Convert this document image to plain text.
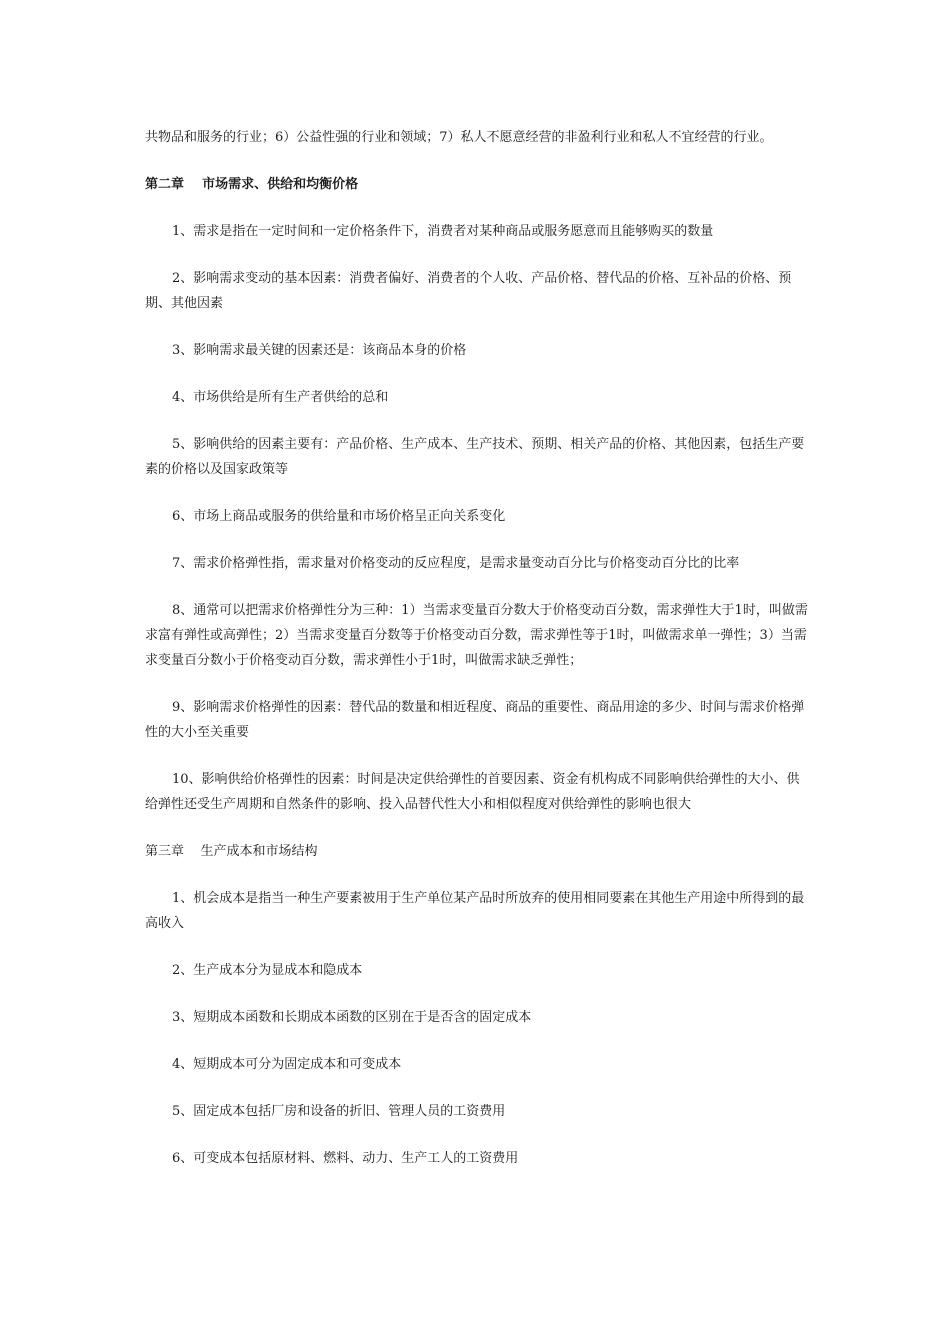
共物品和服务的行业；6）公益性强的行业和领域；7）私人不愿意经营的非盈利行业和私人不宜经营的行业。

第二章    市场需求、供给和均衡价格

1、需求是指在一定时间和一定价格条件下，消费者对某种商品或服务愿意而且能够购买的数量

2、影响需求变动的基本因素：消费者偏好、消费者的个人收、产品价格、替代品的价格、互补品的价格、预期、其他因素

3、影响需求最关键的因素还是：该商品本身的价格

4、市场供给是所有生产者供给的总和

5、影响供给的因素主要有：产品价格、生产成本、生产技术、预期、相关产品的价格、其他因素，包括生产要素的价格以及国家政策等

6、市场上商品或服务的供给量和市场价格呈正向关系变化

7、需求价格弹性指，需求量对价格变动的反应程度，是需求量变动百分比与价格变动百分比的比率

8、通常可以把需求价格弹性分为三种：1）当需求变量百分数大于价格变动百分数，需求弹性大于1时，叫做需求富有弹性或高弹性；2）当需求变量百分数等于价格变动百分数，需求弹性等于1时，叫做需求单一弹性；3）当需求变量百分数小于价格变动百分数，需求弹性小于1时，叫做需求缺乏弹性；

9、影响需求价格弹性的因素：替代品的数量和相近程度、商品的重要性、商品用途的多少、时间与需求价格弹性的大小至关重要

10、影响供给价格弹性的因素：时间是决定供给弹性的首要因素、资金有机构成不同影响供给弹性的大小、供给弹性还受生产周期和自然条件的影响、投入品替代性大小和相似程度对供给弹性的影响也很大

第三章    生产成本和市场结构

1、机会成本是指当一种生产要素被用于生产单位某产品时所放弃的使用相同要素在其他生产用途中所得到的最高收入

2、生产成本分为显成本和隐成本

3、短期成本函数和长期成本函数的区别在于是否含的固定成本

4、短期成本可分为固定成本和可变成本

5、固定成本包括厂房和设备的折旧、管理人员的工资费用

6、可变成本包括原材料、燃料、动力、生产工人的工资费用
